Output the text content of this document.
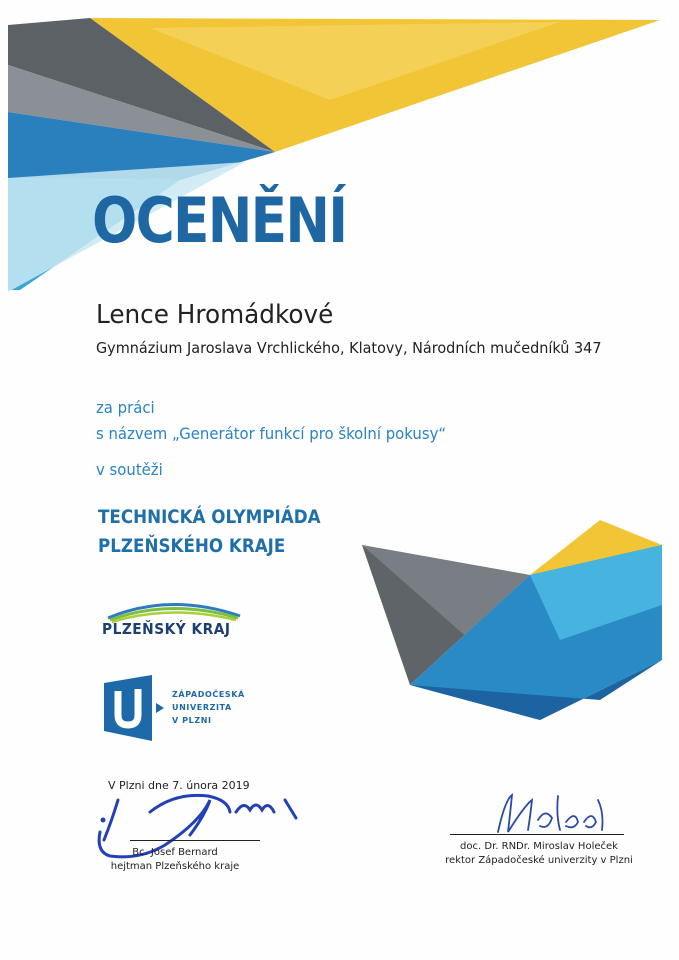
OCENĚNÍ
Lence Hromádkové
Gymnázium Jaroslava Vrchlického, Klatovy, Národních mučedníků 347
za práci
s názvem „Generátor funkcí pro školní pokusy“
v soutěži
TECHNICKÁ OLYMPIÁDA
PLZEŇSKÉHO KRAJE
PLZEŇSKÝ KRAJ
ZÁPADOČESKÁ
UNIVERZITA
V PLZNI
V Plzni dne 7. února 2019
Bc. Josef Bernard
hejtman Plzeňského kraje
doc. Dr. RNDr. Miroslav Holeček
rektor Západočeské univerzity v Plzni
